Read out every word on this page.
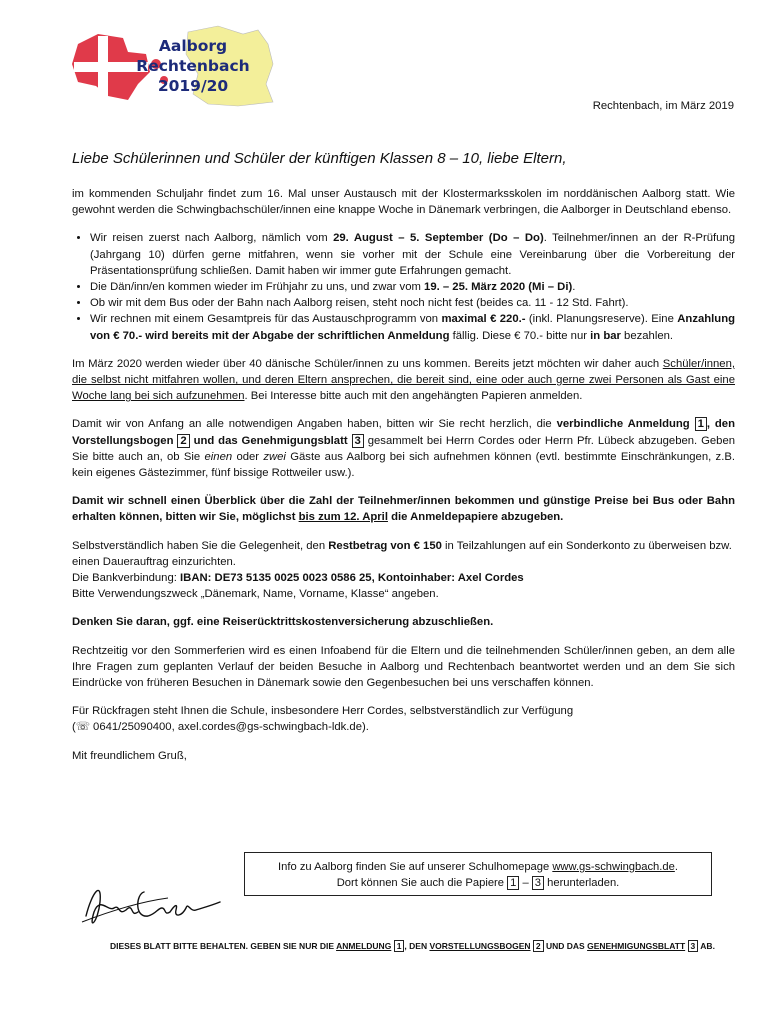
Aalborg
Rechtenbach
2019/20
Rechtenbach, im März 2019
Liebe Schülerinnen und Schüler der künftigen Klassen 8 – 10, liebe Eltern,

im kommenden Schuljahr findet zum 16. Mal unser Austausch mit der Klostermarksskolen im norddänischen Aalborg statt. Wie gewohnt werden die Schwingbachschüler/innen eine knappe Woche in Dänemark verbringen, die Aalborger in Deutschland ebenso.

• Wir reisen zuerst nach Aalborg, nämlich vom 29. August – 5. September (Do – Do). Teilnehmer/innen an der R-Prüfung (Jahrgang 10) dürfen gerne mitfahren, wenn sie vorher mit der Schule eine Vereinbarung über die Vorbereitung der Präsentationsprüfung schließen. Damit haben wir immer gute Erfahrungen gemacht.
• Die Dän/inn/en kommen wieder im Frühjahr zu uns, und zwar vom 19. – 25. März 2020 (Mi – Di).
• Ob wir mit dem Bus oder der Bahn nach Aalborg reisen, steht noch nicht fest (beides ca. 11 - 12 Std. Fahrt).
• Wir rechnen mit einem Gesamtpreis für das Austauschprogramm von maximal € 220.- (inkl. Planungsreserve). Eine Anzahlung von € 70.- wird bereits mit der Abgabe der schriftlichen Anmeldung fällig. Diese € 70.- bitte nur in bar bezahlen.

Im März 2020 werden wieder über 40 dänische Schüler/innen zu uns kommen. Bereits jetzt möchten wir daher auch Schüler/innen, die selbst nicht mitfahren wollen, und deren Eltern ansprechen, die bereit sind, eine oder auch gerne zwei Personen als Gast eine Woche lang bei sich aufzunehmen. Bei Interesse bitte auch mit den angehängten Papieren anmelden.

Damit wir von Anfang an alle notwendigen Angaben haben, bitten wir Sie recht herzlich, die verbindliche Anmeldung 1 , den Vorstellungsbogen 2 und das Genehmigungsblatt 3 gesammelt bei Herrn Cordes oder Herrn Pfr. Lübeck abzugeben. Geben Sie bitte auch an, ob Sie einen oder zwei Gäste aus Aalborg bei sich aufnehmen können (evtl. bestimmte Einschränkungen, z.B. kein eigenes Gästezimmer, fünf bissige Rottweiler usw.).

Damit wir schnell einen Überblick über die Zahl der Teilnehmer/innen bekommen und günstige Preise bei Bus oder Bahn erhalten können, bitten wir Sie, möglichst bis zum 12. April die Anmeldepapiere abzugeben.

Selbstverständlich haben Sie die Gelegenheit, den Restbetrag von € 150 in Teilzahlungen auf ein Sonderkonto zu überweisen bzw. einen Dauerauftrag einzurichten.
Die Bankverbindung: IBAN: DE73 5135 0025 0023 0586 25, Kontoinhaber: Axel Cordes
Bitte Verwendungszweck „Dänemark, Name, Vorname, Klasse“ angeben.

Denken Sie daran, ggf. eine Reiserücktrittskostenversicherung abzuschließen.

Rechtzeitig vor den Sommerferien wird es einen Infoabend für die Eltern und die teilnehmenden Schüler/innen geben, an dem alle Ihre Fragen zum geplanten Verlauf der beiden Besuche in Aalborg und Rechtenbach beantwortet werden und an dem Sie sich Eindrücke von früheren Besuchen in Dänemark sowie den Gegenbesuchen bei uns verschaffen können.

Für Rückfragen steht Ihnen die Schule, insbesondere Herr Cordes, selbstverständlich zur Verfügung
(☏ 0641/25090400, axel.cordes@gs-schwingbach-ldk.de).

Mit freundlichem Gruß,

Info zu Aalborg finden Sie auf unserer Schulhomepage www.gs-schwingbach.de.
Dort können Sie auch die Papiere 1 – 3 herunterladen.
DIESES BLATT BITTE BEHALTEN. GEBEN SIE NUR DIE ANMELDUNG 1 , DEN VORSTELLUNGSBOGEN 2 UND DAS GENEHMIGUNGSBLATT 3 AB.
